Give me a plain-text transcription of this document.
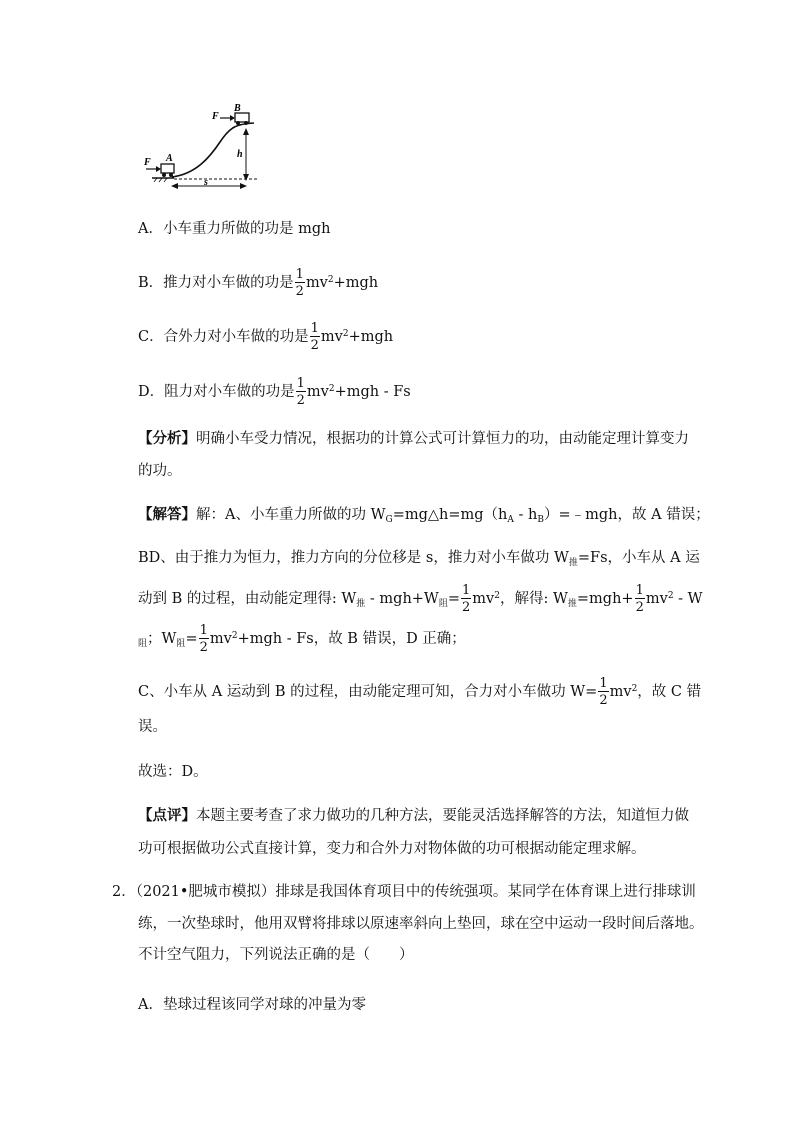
F A
F
B
h
s
A．小车重力所做的功是 mgh
B．推力对小车做的功是 $\frac{1}{2} mv^2+mgh$
C．合外力对小车做的功是 $\frac{1}{2} mv^2+mgh$
D．阻力对小车做的功是 $\frac{1}{2} mv^2+mgh - Fs$
【分析】明确小车受力情况，根据功的计算公式可计算恒力的功，由动能定理计算变力
的功。
【解答】解：A、小车重力所做的功 $W_G=mg\triangle h=mg(h_A$ - $h_B)=﹣mgh$，故 A 错误；
BD、由于推力为恒力，推力方向的分位移是 s，推力对小车做功 $W_推=Fs$，小车从 A 运
动到 B 的过程，由动能定理得: $W_推 - mgh+W_阻= \frac{1}{2} mv^2$，解得: $W_推=mgh+ \frac{1}{2} mv^2 - W$
$_阻$；$W_阻= \frac{1}{2} mv^2+mgh - Fs$，故 B 错误，D 正确；
C、小车从 A 运动到 B 的过程，由动能定理可知，合力对小车做功 $W= \frac{1}{2} mv^2$，故 C 错
误。
故选：D。
【点评】本题主要考查了求力做功的几种方法，要能灵活选择解答的方法，知道恒力做
功可根据做功公式直接计算，变力和合外力对物体做的功可根据动能定理求解。
2．（2021•肥城市模拟）排球是我国体育项目中的传统强项。某同学在体育课上进行排球训
练，一次垫球时，他用双臂将排球以原速率斜向上垫回，球在空中运动一段时间后落地。
不计空气阻力，下列说法正确的是（　　）
A．垫球过程该同学对球的冲量为零
